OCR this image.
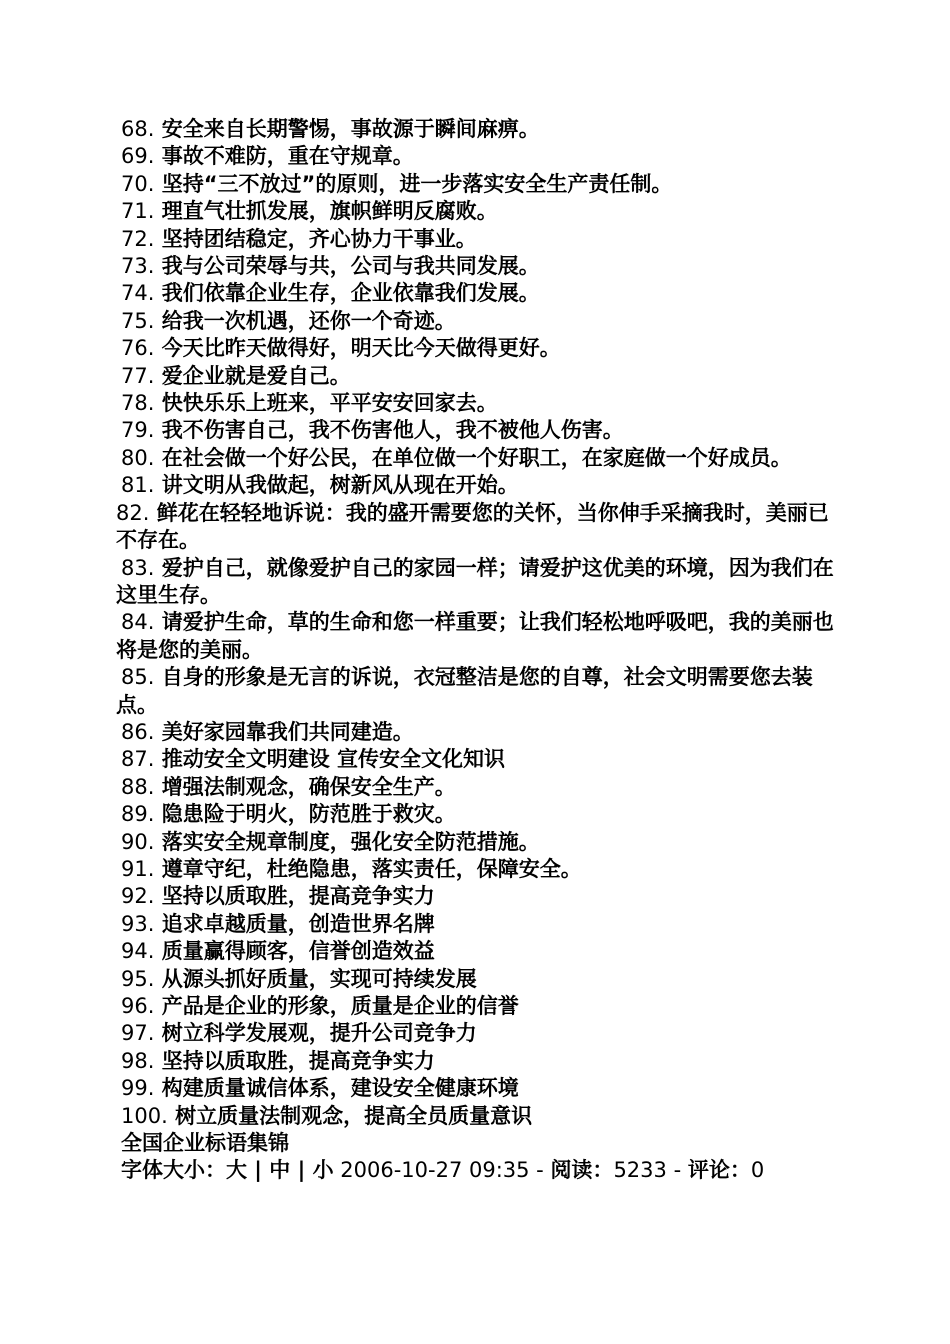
68. 安全来自长期警惕，事故源于瞬间麻痹。

69. 事故不难防，重在守规章。

70. 坚持“三不放过”的原则，进一步落实安全生产责任制。

71. 理直气壮抓发展，旗帜鲜明反腐败。

72. 坚持团结稳定，齐心协力干事业。

73. 我与公司荣辱与共，公司与我共同发展。

74. 我们依靠企业生存，企业依靠我们发展。

75. 给我一次机遇，还你一个奇迹。

76. 今天比昨天做得好，明天比今天做得更好。

77. 爱企业就是爱自己。

78. 快快乐乐上班来，平平安安回家去。

79. 我不伤害自己，我不伤害他人，我不被他人伤害。

80. 在社会做一个好公民，在单位做一个好职工，在家庭做一个好成员。

81. 讲文明从我做起，树新风从现在开始。

82. 鲜花在轻轻地诉说：我的盛开需要您的关怀，当你伸手采摘我时，美丽已不存在。

83. 爱护自己，就像爱护自己的家园一样；请爱护这优美的环境，因为我们在这里生存。

84. 请爱护生命，草的生命和您一样重要；让我们轻松地呼吸吧，我的美丽也将是您的美丽。

85. 自身的形象是无言的诉说，衣冠整洁是您的自尊，社会文明需要您去装点。

86. 美好家园靠我们共同建造。

87. 推动安全文明建设 宣传安全文化知识

88. 增强法制观念，确保安全生产。

89. 隐患险于明火，防范胜于救灾。

90. 落实安全规章制度，强化安全防范措施。

91. 遵章守纪，杜绝隐患，落实责任，保障安全。

92. 坚持以质取胜，提高竞争实力

93. 追求卓越质量，创造世界名牌

94. 质量赢得顾客，信誉创造效益

95. 从源头抓好质量，实现可持续发展

96. 产品是企业的形象，质量是企业的信誉

97. 树立科学发展观，提升公司竞争力

98. 坚持以质取胜，提高竞争实力

99. 构建质量诚信体系，建设安全健康环境

100. 树立质量法制观念，提高全员质量意识

全国企业标语集锦

字体大小：大 | 中 | 小 2006-10-27 09:35 - 阅读：5233 - 评论：0
